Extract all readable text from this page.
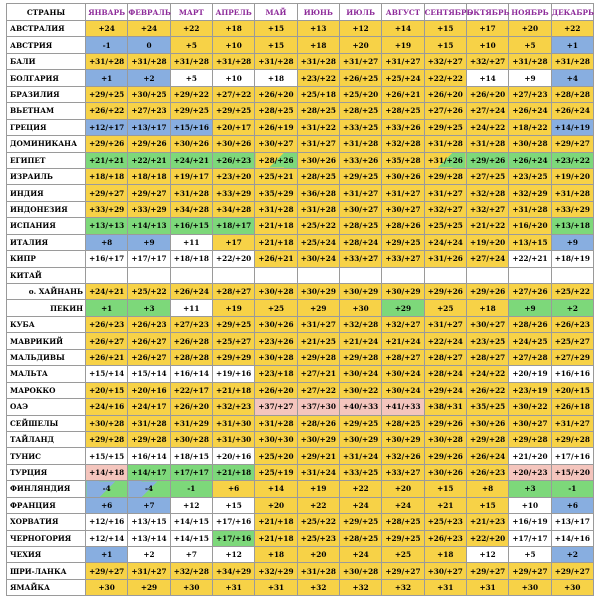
СТРАНЫ	ЯНВАРЬ	ФЕВРАЛЬ	МАРТ	АПРЕЛЬ	МАЙ	ИЮНЬ	ИЮЛЬ	АВГУСТ	СЕНТЯБРЬ	ОКТЯБРЬ	НОЯБРЬ	ДЕКАБРЬ
АВСТРАЛИЯ	+24	+24	+22	+18	+15	+13	+12	+14	+15	+17	+20	+22
АВСТРИЯ	-1	0	+5	+10	+15	+18	+20	+19	+15	+10	+5	+1
БАЛИ	+31/+28	+31/+28	+31/+28	+31/+28	+31/+28	+31/+28	+31/+27	+31/+27	+32/+27	+32/+27	+31/+28	+31/+28
БОЛГАРИЯ	+1	+2	+5	+10	+18	+23/+22	+26/+25	+25/+24	+22/+22	+14	+9	+4
БРАЗИЛИЯ	+29/+25	+30/+25	+29/+22	+27/+22	+26/+20	+25/+18	+25/+20	+26/+21	+26/+20	+26/+20	+27/+23	+28/+28
ВЬЕТНАМ	+26/+22	+27/+23	+29/+25	+29/+25	+28/+25	+28/+25	+28/+25	+28/+25	+27/+26	+27/+24	+26/+24	+26/+24
ГРЕЦИЯ	+12/+17	+13/+17	+15/+16	+20/+17	+26/+19	+31/+22	+33/+25	+33/+26	+29/+25	+24/+22	+18/+22	+14/+19
ДОМИНИКАНА	+29/+26	+29/+26	+30/+26	+30/+26	+30/+27	+31/+27	+31/+28	+32/+28	+31/+28	+31/+28	+30/+28	+29/+27
ЕГИПЕТ	+21/+21	+22/+21	+24/+21	+26/+23	+28/+26	+30/+26	+33/+26	+35/+28	+31/+26	+29/+26	+26/+24	+23/+22
ИЗРАИЛЬ	+18/+18	+18/+18	+19/+17	+23/+20	+25/+21	+28/+25	+29/+25	+30/+26	+29/+28	+27/+25	+23/+25	+19/+20
ИНДИЯ	+29/+27	+29/+27	+31/+28	+33/+29	+35/+29	+36/+28	+31/+27	+31/+27	+31/+27	+32/+28	+32/+29	+31/+28
ИНДОНЕЗИЯ	+33/+29	+33/+29	+34/+28	+34/+28	+31/+28	+31/+28	+30/+27	+30/+27	+32/+27	+32/+27	+31/+28	+33/+29
ИСПАНИЯ	+13/+13	+14/+13	+16/+15	+18/+17	+21/+18	+25/+22	+28/+25	+28/+26	+25/+25	+21/+22	+16/+20	+13/+18
ИТАЛИЯ	+8	+9	+11	+17	+21/+18	+25/+24	+28/+24	+29/+25	+24/+24	+19/+20	+13/+15	+9
КИПР	+16/+17	+17/+17	+18/+18	+22/+20	+26/+21	+30/+24	+33/+27	+33/+27	+31/+26	+27/+24	+22/+21	+18/+19
КИТАЙ												
о. ХАЙНАНЬ	+24/+21	+25/+22	+26/+24	+28/+27	+30/+28	+30/+29	+30/+29	+30/+29	+29/+26	+29/+26	+27/+26	+25/+22
ПЕКИН	+1	+3	+11	+19	+25	+29	+30	+29	+25	+18	+9	+2
КУБА	+26/+23	+26/+23	+27/+23	+29/+25	+30/+26	+31/+27	+32/+28	+32/+27	+31/+27	+30/+27	+28/+26	+26/+23
МАВРИКИЙ	+26/+27	+26/+27	+26/+28	+25/+27	+23/+26	+21/+25	+21/+24	+21/+24	+22/+24	+23/+25	+24/+25	+25/+27
МАЛЬДИВЫ	+26/+21	+26/+27	+28/+28	+29/+29	+30/+28	+29/+28	+29/+28	+28/+27	+28/+27	+28/+27	+27/+28	+27/+29
МАЛЬТА	+15/+14	+15/+14	+16/+14	+19/+16	+23/+18	+27/+21	+30/+24	+30/+24	+28/+24	+24/+22	+20/+19	+16/+16
МАРОККО	+20/+15	+20/+16	+22/+17	+21/+18	+26/+20	+27/+22	+30/+22	+30/+24	+29/+24	+26/+22	+23/+19	+20/+15
ОАЭ	+24/+16	+24/+17	+26/+20	+32/+23	+37/+27	+37/+30	+40/+33	+41/+33	+38/+31	+35/+25	+30/+22	+26/+18
СЕЙШЕЛЫ	+30/+28	+31/+28	+31/+29	+31/+30	+31/+28	+28/+26	+29/+25	+28/+25	+29/+26	+30/+26	+30/+27	+31/+27
ТАЙЛАНД	+29/+28	+29/+28	+30/+28	+31/+30	+30/+30	+30/+29	+30/+29	+30/+29	+30/+28	+29/+28	+29/+28	+29/+28
ТУНИС	+15/+15	+16/+14	+18/+15	+20/+16	+25/+20	+29/+21	+31/+24	+32/+26	+29/+26	+26/+24	+21/+20	+17/+16
ТУРЦИЯ	+14/+18	+14/+17	+17/+17	+21/+18	+25/+19	+31/+24	+33/+25	+33/+27	+30/+26	+26/+23	+20/+23	+15/+20
ФИНЛЯНДИЯ	-4	-4	-1	+6	+14	+19	+22	+20	+15	+8	+3	-1
ФРАНЦИЯ	+6	+7	+12	+15	+20	+22	+24	+24	+21	+15	+10	+6
ХОРВАТИЯ	+12/+16	+13/+15	+14/+15	+17/+16	+21/+18	+25/+22	+29/+25	+28/+25	+25/+23	+21/+23	+16/+19	+13/+17
ЧЕРНОГОРИЯ	+12/+14	+13/+14	+14/+15	+17/+16	+21/+18	+25/+23	+28/+25	+29/+25	+26/+23	+22/+20	+17/+17	+14/+16
ЧЕХИЯ	+1	+2	+7	+12	+18	+20	+24	+25	+18	+12	+5	+2
ШРИ-ЛАНКА	+29/+27	+31/+27	+32/+28	+34/+29	+32/+29	+31/+28	+30/+28	+29/+27	+30/+27	+29/+27	+29/+27	+29/+27
ЯМАЙКА	+30	+29	+30	+31	+31	+32	+32	+32	+31	+31	+30	+30
